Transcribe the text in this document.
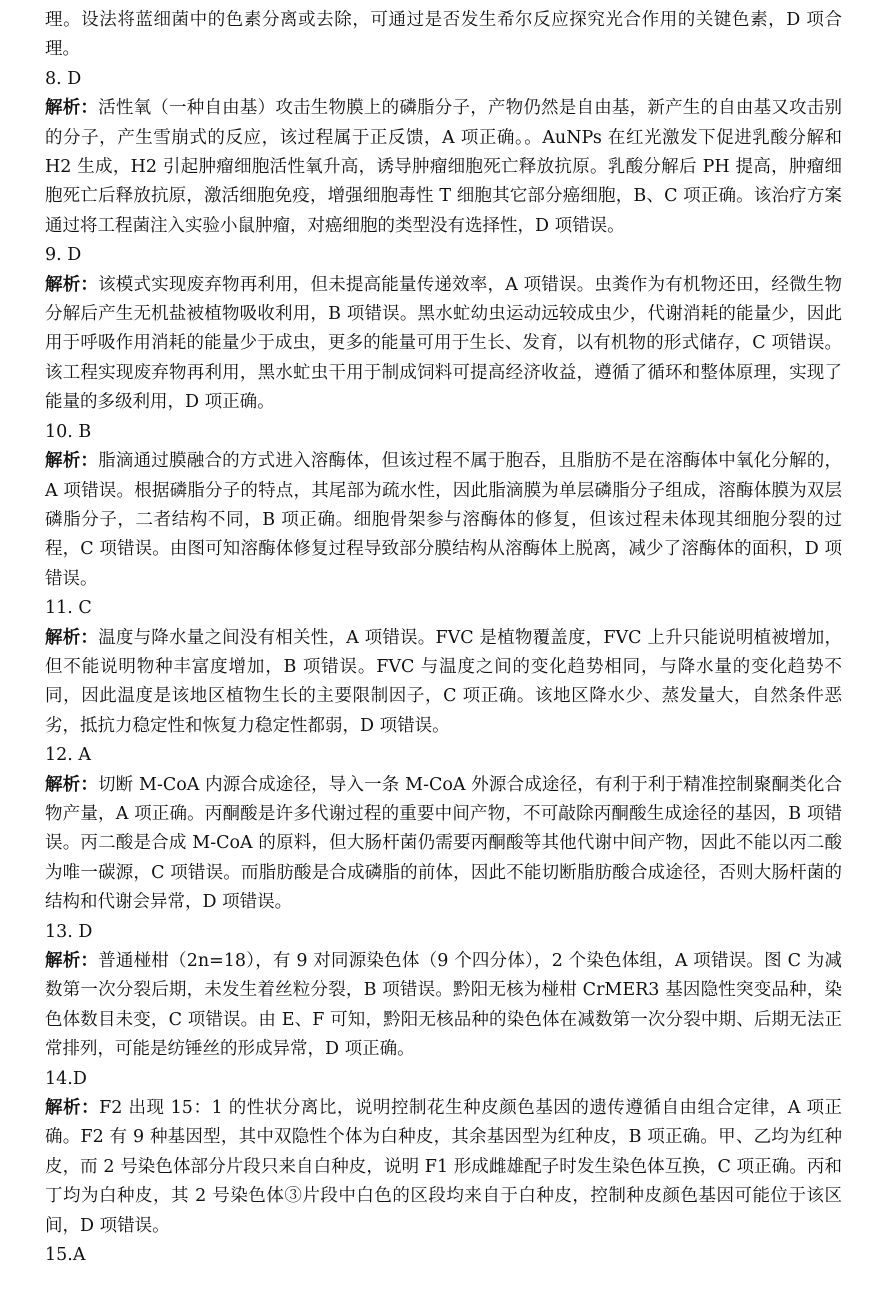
理。设法将蓝细菌中的色素分离或去除，可通过是否发生希尔反应探究光合作用的关键色素，D 项合理。

8. D

解析：活性氧（一种自由基）攻击生物膜上的磷脂分子，产物仍然是自由基，新产生的自由基又攻击别的分子，产生雪崩式的反应，该过程属于正反馈，A 项正确。。AuNPs 在红光激发下促进乳酸分解和 H2 生成，H2 引起肿瘤细胞活性氧升高，诱导肿瘤细胞死亡释放抗原。乳酸分解后 PH 提高，肿瘤细胞死亡后释放抗原，激活细胞免疫，增强细胞毒性 T 细胞其它部分癌细胞，B、C 项正确。该治疗方案通过将工程菌注入实验小鼠肿瘤，对癌细胞的类型没有选择性，D 项错误。

9. D

解析：该模式实现废弃物再利用，但未提高能量传递效率，A 项错误。虫粪作为有机物还田，经微生物分解后产生无机盐被植物吸收利用，B 项错误。黑水虻幼虫运动远较成虫少，代谢消耗的能量少，因此用于呼吸作用消耗的能量少于成虫，更多的能量可用于生长、发育，以有机物的形式储存，C 项错误。该工程实现废弃物再利用，黑水虻虫干用于制成饲料可提高经济收益，遵循了循环和整体原理，实现了能量的多级利用，D 项正确。

10. B

解析：脂滴通过膜融合的方式进入溶酶体，但该过程不属于胞吞，且脂肪不是在溶酶体中氧化分解的，A 项错误。根据磷脂分子的特点，其尾部为疏水性，因此脂滴膜为单层磷脂分子组成，溶酶体膜为双层磷脂分子，二者结构不同，B 项正确。细胞骨架参与溶酶体的修复，但该过程未体现其细胞分裂的过程，C 项错误。由图可知溶酶体修复过程导致部分膜结构从溶酶体上脱离，减少了溶酶体的面积，D 项错误。

11. C

解析：温度与降水量之间没有相关性，A 项错误。FVC 是植物覆盖度，FVC 上升只能说明植被增加，但不能说明物种丰富度增加，B 项错误。FVC 与温度之间的变化趋势相同，与降水量的变化趋势不同，因此温度是该地区植物生长的主要限制因子，C 项正确。该地区降水少、蒸发量大，自然条件恶劣，抵抗力稳定性和恢复力稳定性都弱，D 项错误。

12. A

解析：切断 M-CoA 内源合成途径，导入一条 M-CoA 外源合成途径，有利于利于精准控制聚酮类化合物产量，A 项正确。丙酮酸是许多代谢过程的重要中间产物，不可敲除丙酮酸生成途径的基因，B 项错误。丙二酸是合成 M-CoA 的原料，但大肠杆菌仍需要丙酮酸等其他代谢中间产物，因此不能以丙二酸为唯一碳源，C 项错误。而脂肪酸是合成磷脂的前体，因此不能切断脂肪酸合成途径，否则大肠杆菌的结构和代谢会异常，D 项错误。

13. D

解析：普通椪柑（2n=18），有 9 对同源染色体（9 个四分体），2 个染色体组，A 项错误。图 C 为减数第一次分裂后期，未发生着丝粒分裂，B 项错误。黔阳无核为椪柑 CrMER3 基因隐性突变品种，染色体数目未变，C 项错误。由 E、F 可知，黔阳无核品种的染色体在减数第一次分裂中期、后期无法正常排列，可能是纺锤丝的形成异常，D 项正确。

14.D

解析：F2 出现 15：1 的性状分离比，说明控制花生种皮颜色基因的遗传遵循自由组合定律，A 项正确。F2 有 9 种基因型，其中双隐性个体为白种皮，其余基因型为红种皮，B 项正确。甲、乙均为红种皮，而 2 号染色体部分片段只来自白种皮，说明 F1 形成雌雄配子时发生染色体互换，C 项正确。丙和丁均为白种皮，其 2 号染色体③片段中白色的区段均来自于白种皮，控制种皮颜色基因可能位于该区间，D 项错误。

15.A
